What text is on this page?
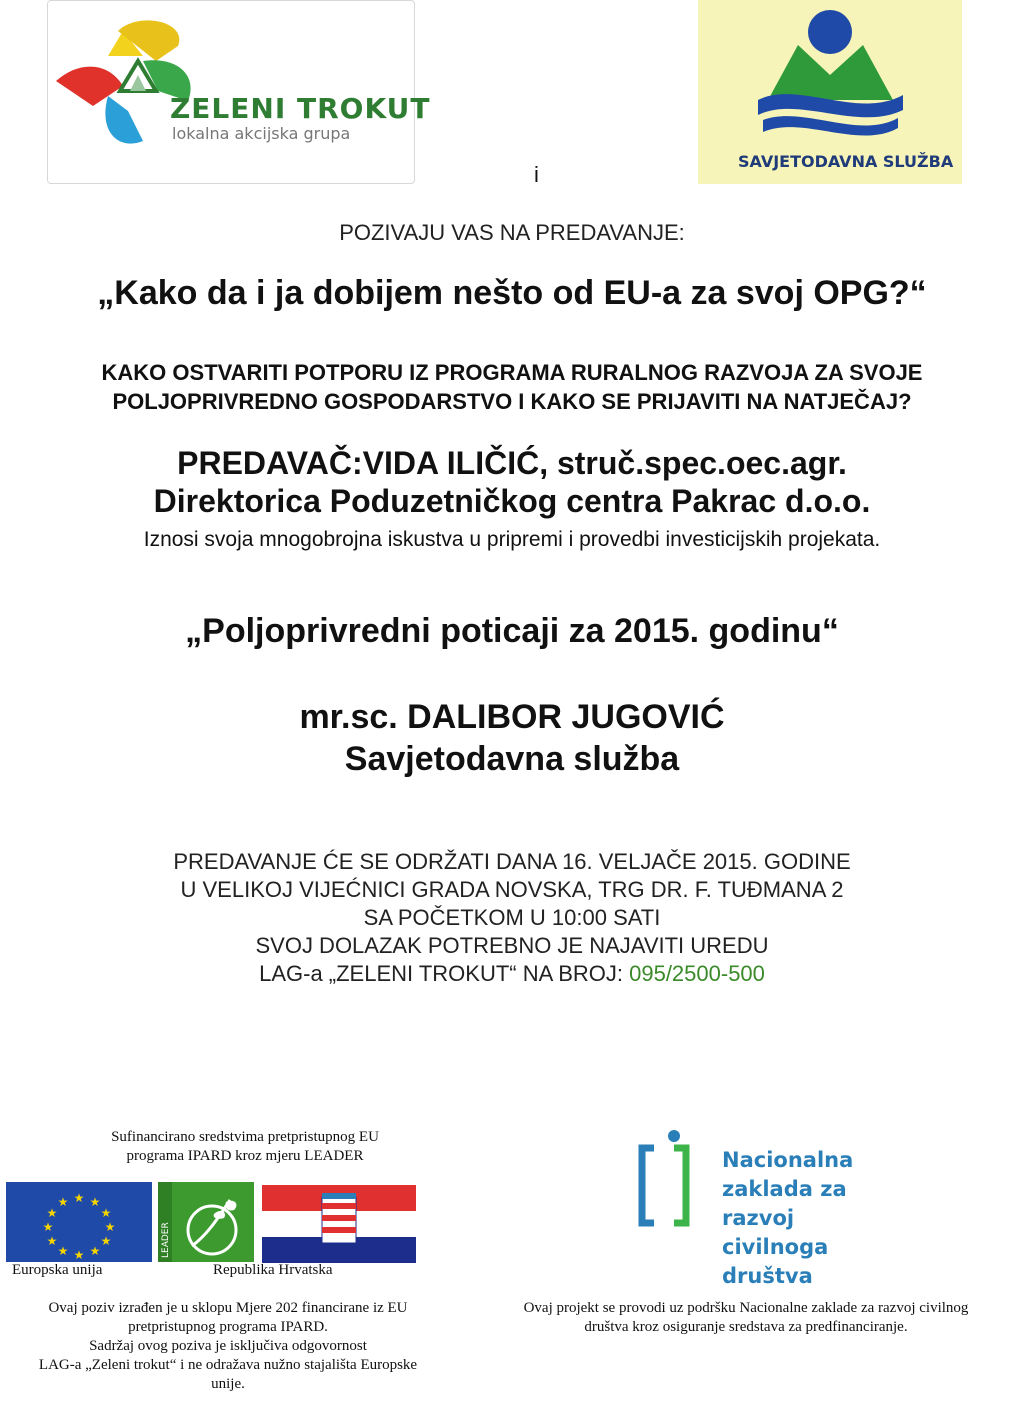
ZELENI TROKUT
lokalna akcijska grupa
i
SAVJETODAVNA SLUŽBA
POZIVAJU VAS NA PREDAVANJE:
„Kako da i ja dobijem nešto od EU-a za svoj OPG?“
KAKO OSTVARITI POTPORU IZ PROGRAMA RURALNOG RAZVOJA ZA SVOJE
POLJOPRIVREDNO GOSPODARSTVO I KAKO SE PRIJAVITI NA NATJEČAJ?
PREDAVAČ:VIDA ILIČIĆ, struč.spec.oec.agr.
Direktorica Poduzetničkog centra Pakrac d.o.o.
Iznosi svoja mnogobrojna iskustva u pripremi i provedbi investicijskih projekata.
„Poljoprivredni poticaji za 2015. godinu“
mr.sc. DALIBOR JUGOVIĆ
Savjetodavna služba
PREDAVANJE ĆE SE ODRŽATI DANA 16. VELJAČE 2015. GODINE
U VELIKOJ VIJEĆNICI GRADA NOVSKA, TRG DR. F. TUĐMANA 2
SA POČETKOM U 10:00 SATI
SVOJ DOLAZAK POTREBNO JE NAJAVITI UREDU
LAG-a „ZELENI TROKUT“ NA BROJ: 095/2500-500
Sufinancirano sredstvima pretpristupnog EU
programa IPARD kroz mjeru LEADER
★ ★
★
★
★
★
★
★
★
★
★
★
LEADER
Europska unija	Republika Hrvatska
Ovaj poziv izrađen je u sklopu Mjere 202 financirane iz EU
pretpristupnog programa IPARD.
Sadržaj ovog poziva je isključiva odgovornost
LAG-a „Zeleni trokut“ i ne odražava nužno stajališta Europske
unije.
Nacionalna
zaklada za
razvoj
civilnoga
društva
Ovaj projekt se provodi uz podršku Nacionalne zaklade za razvoj civilnog
društva kroz osiguranje sredstava za predfinanciranje.
